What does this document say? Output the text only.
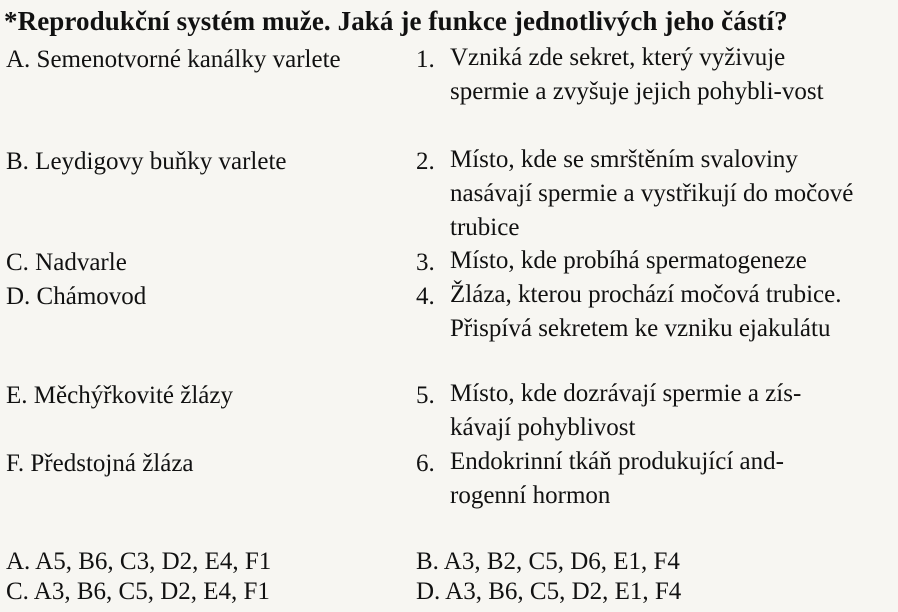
*Reprodukční systém muže. Jaká je funkce jednotlivých jeho částí?
A. Semenotvorné kanálky varlete
B. Leydigovy buňky varlete
C. Nadvarle
D. Chámovod
E. Měchýřkovité žlázy
F. Předstojná žláza
1. Vzniká zde sekret, který vyživuje spermie a zvyšuje jejich pohybli-vost
2. Místo, kde se smrštěním svaloviny nasávají spermie a vystřikují do močové trubice
3. Místo, kde probíhá spermatogeneze
4. Žláza, kterou prochází močová trubice. Přispívá sekretem ke vzniku ejakulátu
5. Místo, kde dozrávají spermie a zís-kávají pohyblivost
6. Endokrinní tkáň produkující and-rogenní hormon
A. A5, B6, C3, D2, E4, F1	B. A3, B2, C5, D6, E1, F4
C. A3, B6, C5, D2, E4, F1	D. A3, B6, C5, D2, E1, F4
